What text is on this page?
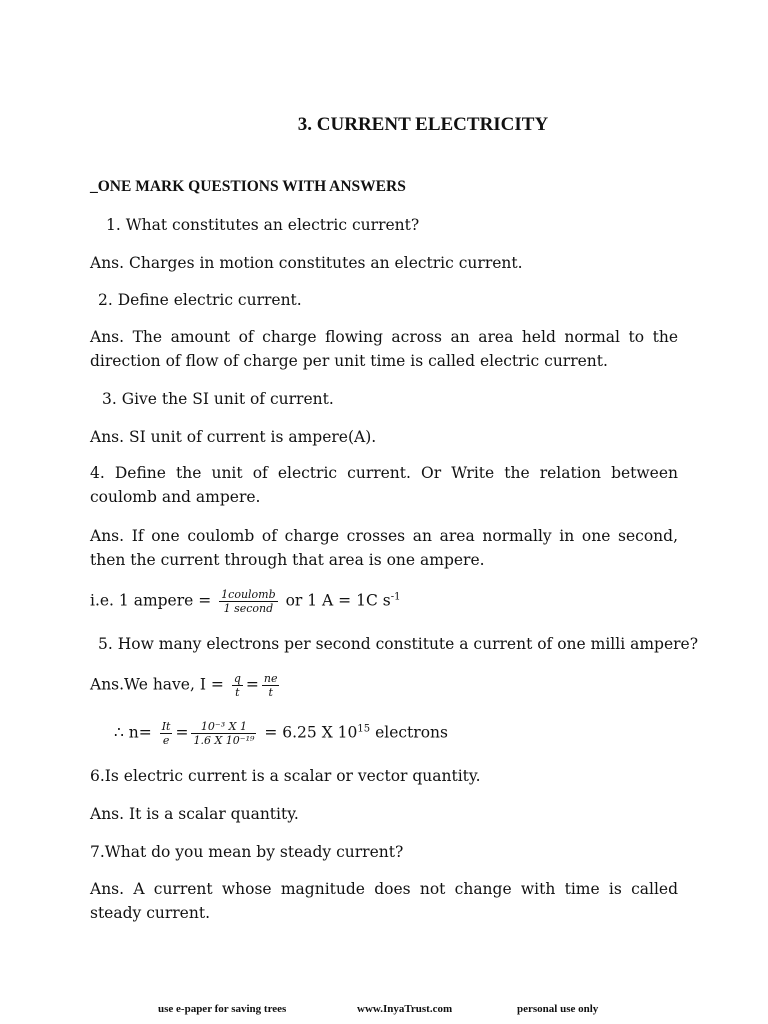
3. CURRENT ELECTRICITY
_ONE MARK QUESTIONS WITH ANSWERS
1. What constitutes an electric current?
Ans. Charges in motion constitutes an electric current.
2. Define electric current.
Ans. The amount of charge flowing across an area held normal to the direction of flow of charge per unit time is called electric current.
3. Give the SI unit of current.
Ans. SI unit of current is ampere(A).
4. Define the unit of electric current. Or Write the relation between coulomb and ampere.
Ans. If one coulomb of charge crosses an area normally in one second, then the current through that area is one ampere.
i.e. 1 ampere = $\frac{\text{1coulomb}}{\text{1 second}}$ or 1 A = 1C $s^{-1}$
5. How many electrons per second constitute a current of one milli ampere?
Ans.We have, $I = \frac{q}{t} = \frac{ne}{t}$
∴ $n= \frac{It}{e} = \frac{\text{10⁻³ X 1}}{\text{1.6 X 10⁻¹⁹}} = 6.25$ X $10^{15}$ electrons
6.Is electric current is a scalar or vector quantity.
Ans. It is a scalar quantity.
7.What do you mean by steady current?
Ans. A current whose magnitude does not change with time is called steady current.
use e-paper for saving trees	www.InyaTrust.com	personal use only
